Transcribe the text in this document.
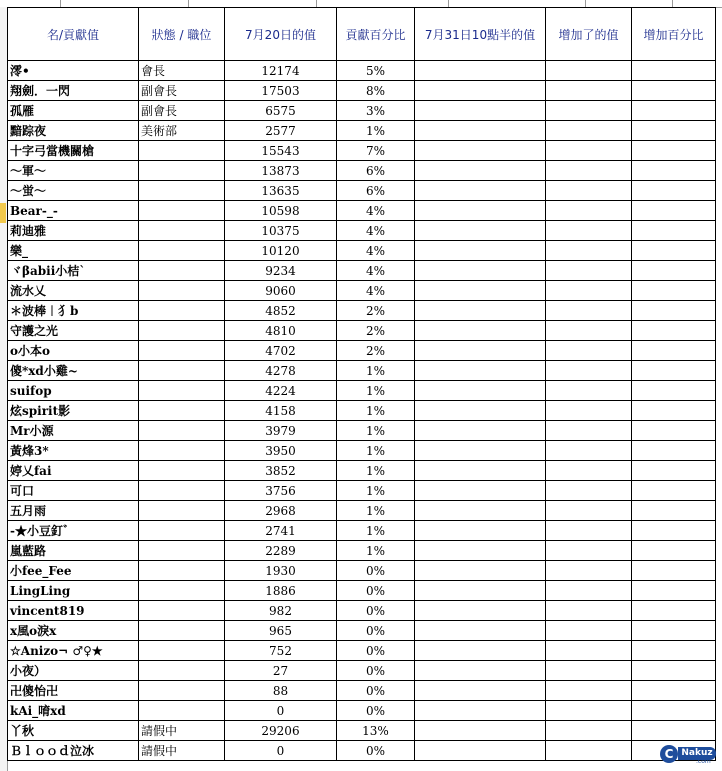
名/貢獻值	狀態 / 職位	7月20日的值	貢獻百分比	7月31日10點半的值	增加了的值	增加百分比
澪•	會長	12174	5%			
翔劍．一閃	副會長	17503	8%			
孤雁	副會長	6575	3%			
黯踪夜	美術部	2577	1%			
十字弓當機關槍		15543	7%			
～軍～		13873	6%			
～蛍～		13635	6%			
Bear-_-		10598	4%			
莉迪雅		10375	4%			
樂_		10120	4%			
ヾβabii小桔`		9234	4%			
流水乂		9060	4%			
＊波棒︱犭b		4852	2%			
守護之光		4810	2%			
o小本o		4702	2%			
傻*xd小雞~		4278	1%			
suifop		4224	1%			
炫spirit影		4158	1%			
Mr小源		3979	1%			
黃烽3*		3950	1%			
婷乂fai		3852	1%			
可口		3756	1%			
五月雨		2968	1%			
-★小豆釘゛		2741	1%			
嵐藍路		2289	1%			
小fee_Fee		1930	0%			
LingLing		1886	0%			
vincent819		982	0%			
x風o淚x		965	0%			
☆Anizo¬ ♂♀★		752	0%			
小夜）		27	0%			
卍傻怡卍		88	0%			
kAi_唷xd		0	0%			
丫秋	請假中	29206	13%			
Ｂｌｏｏｄ泣冰	請假中	0	0%				C Nakuz
.com
